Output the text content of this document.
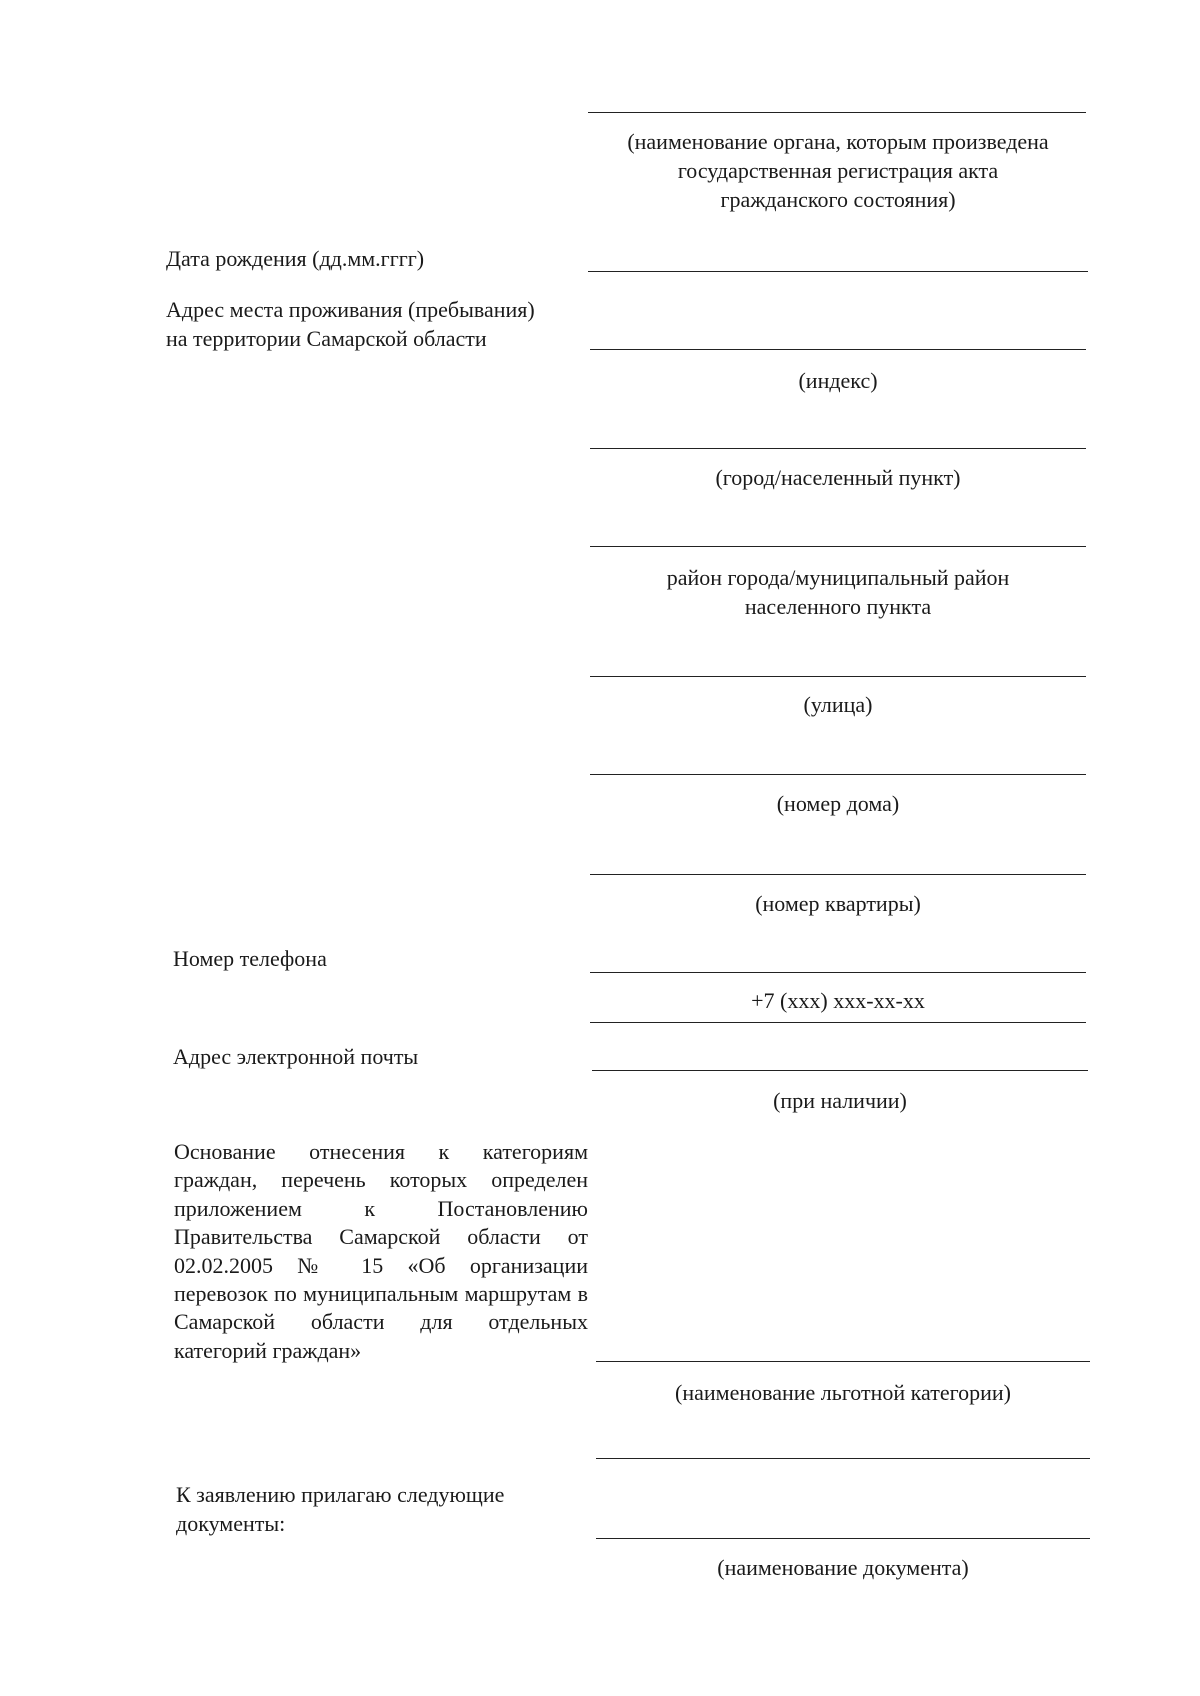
(наименование органа, которым произведена
государственная регистрация акта
гражданского состояния)
Дата рождения (дд.мм.гггг)
Адрес места проживания (пребывания)
на территории Самарской области
(индекс)
(город/населенный пункт)
район города/муниципальный район
населенного пункта
(улица)
(номер дома)
(номер квартиры)
Номер телефона
+7 (ххх) ххх-хх-хх
Адрес электронной почты
(при наличии)
Основание отнесения к категориям граждан, перечень которых определен приложением к Постановлению Правительства Самарской области от 02.02.2005 № 15 «Об организации перевозок по муниципальным маршрутам в Самарской области для отдельных категорий граждан»
(наименование льготной категории)
К заявлению прилагаю следующие
документы:
(наименование документа)
